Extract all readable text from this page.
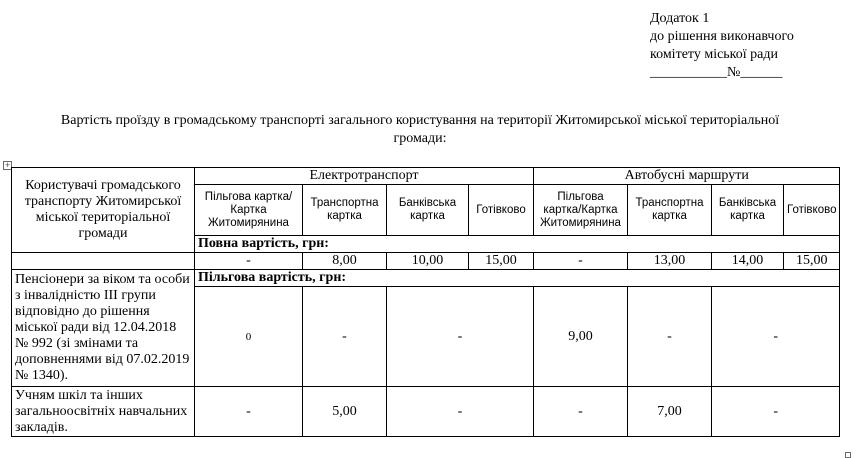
Додаток 1
до рішення виконавчого
комітету міської ради
___________№______
Вартість проїзду в громадському транспорті загального користування на території Житомирської міської територіальної громади:
+
Користувачі громадського транспорту Житомирської міської територіальної громади	Електротранспорт				Автобусні маршрути			
	Пільгова картка/Картка Житомирянина	Транспортна картка	Банківська картка	Готівково	Пільгова картка/Картка Житомирянина	Транспортна картка	Банківська картка	Готівково
	Повна вартість, грн:							
	-	8,00	10,00	15,00	-	13,00	14,00	15,00
Пенсіонери за віком та особи з інвалідністю ІІІ групи відповідно до рішення міської ради від 12.04.2018 № 992 (зі змінами та доповненнями від 07.02.2019 № 1340).	Пільгова вартість, грн:							
	0	-	-		9,00	-	-	
Учням шкіл та інших загальноосвітніх навчальних закладів.	-	5,00	-		-	7,00	-	
